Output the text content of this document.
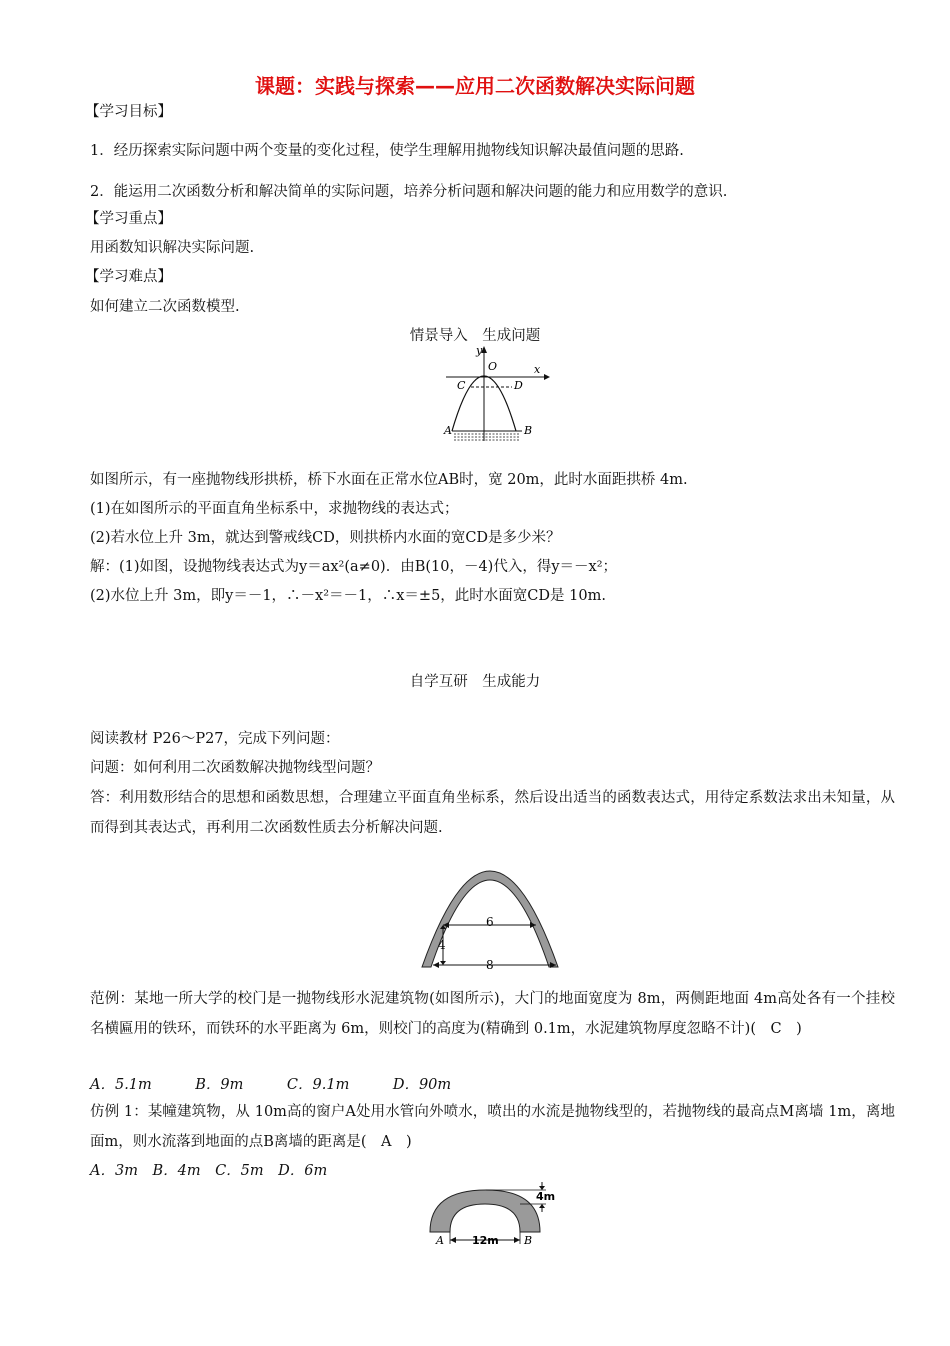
课题：实践与探索——应用二次函数解决实际问题
【学习目标】
1．经历探索实际问题中两个变量的变化过程，使学生理解用抛物线知识解决最值问题的思路.
2．能运用二次函数分析和解决简单的实际问题，培养分析问题和解决问题的能力和应用数学的意识.
【学习重点】
用函数知识解决实际问题.
【学习难点】
如何建立二次函数模型.
情景导入　生成问题
y
O	x
C	D
A	B
如图所示，有一座抛物线形拱桥，桥下水面在正常水位AB时，宽 20m，此时水面距拱桥 4m.
(1)在如图所示的平面直角坐标系中，求抛物线的表达式；
(2)若水位上升 3m，就达到警戒线CD，则拱桥内水面的宽CD是多少米？
解：(1)如图，设抛物线表达式为y＝ax²(a≠0)．由B(10，－4)代入，得y＝－x²；
(2)水位上升 3m，即y＝－1，∴－x²＝－1，∴x＝±5，此时水面宽CD是 10m.
自学互研　生成能力
阅读教材 P26～P27，完成下列问题：
问题：如何利用二次函数解决抛物线型问题？
答：利用数形结合的思想和函数思想，合理建立平面直角坐标系，然后设出适当的函数表达式，用待定系数法求出未知量，从而得到其表达式，再利用二次函数性质去分析解决问题.
6
4
8
范例：某地一所大学的校门是一抛物线形水泥建筑物(如图所示)，大门的地面宽度为 8m，两侧距地面 4m高处各有一个挂校名横匾用的铁环，而铁环的水平距离为 6m，则校门的高度为(精确到 0.1m，水泥建筑物厚度忽略不计)(　C　)
A．5.1m　　　B．9m　　　C．9.1m　　　D．90m
仿例 1：某幢建筑物，从 10m高的窗户A处用水管向外喷水，喷出的水流是抛物线型的，若抛物线的最高点M离墙 1m，离地面m，则水流落到地面的点B离墙的距离是(　A　)
A．3m　B．4m　C．5m　D．6m
4m
12m
A	B
